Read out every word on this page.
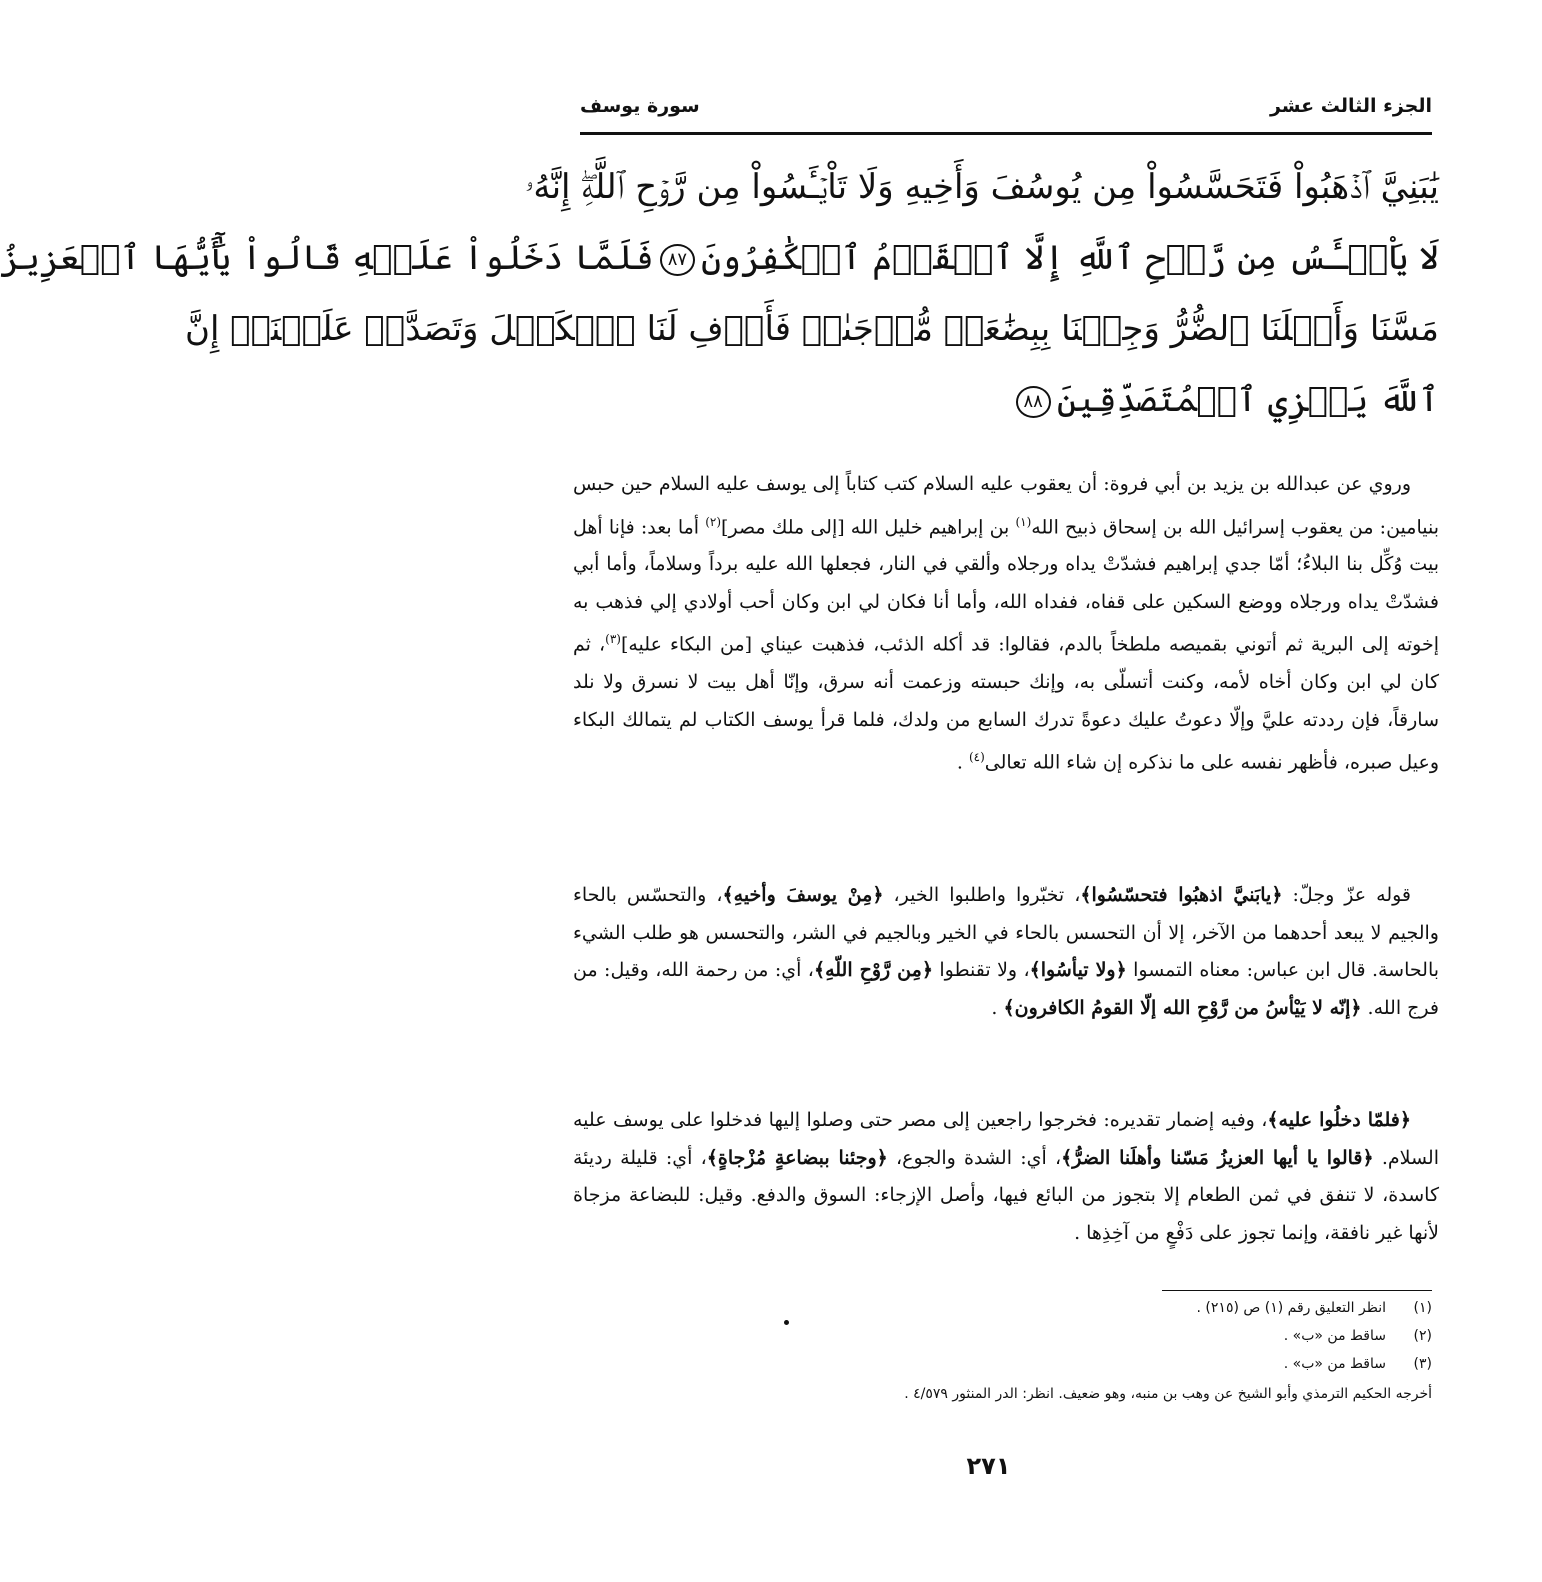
الجزء الثالث عشر
سورة يوسف
يَٰبَنِيَّ ٱذۡهَبُواْ فَتَحَسَّسُواْ مِن يُوسُفَ وَأَخِيهِ وَلَا تَاْيۡـَٔسُواْ مِن رَّوۡحِ ٱللَّهِۖ إِنَّهُۥ
لَا يَاْيۡـَٔسُ مِن رَّوۡحِ ٱللَّهِ إِلَّا ٱلۡقَوۡمُ ٱلۡكَٰفِرُونَ٨٧فَلَمَّا دَخَلُواْ عَلَيۡهِ قَالُواْ يَٰٓأَيُّهَا ٱلۡعَزِيزُ
مَسَّنَا وَأَهۡلَنَا ٱلضُّرُّ وَجِئۡنَا بِبِضَٰعَةٖ مُّزۡجَىٰةٖ فَأَوۡفِ لَنَا ٱلۡكَيۡلَ وَتَصَدَّقۡ عَلَيۡنَآۖ إِنَّ
ٱللَّهَ يَجۡزِي ٱلۡمُتَصَدِّقِينَ٨٨

وروي عن عبدالله بن يزيد بن أبي فروة: أن يعقوب عليه السلام كتب كتاباً إلى يوسف عليه السلام حين حبس بنيامين: من يعقوب إسرائيل الله بن إسحاق ذبيح الله$^{(١)}$ بن إبراهيم خليل الله [إلى ملك مصر]$^{(٢)}$ أما بعد: فإنا أهل بيت وُكِّل بنا البلاءُ؛ أمّا جدي إبراهيم فشدّتْ يداه ورجلاه وألقي في النار، فجعلها الله عليه برداً وسلاماً، وأما أبي فشدّتْ يداه ورجلاه ووضع السكين على قفاه، ففداه الله، وأما أنا فكان لي ابن وكان أحب أولادي إلي فذهب به إخوته إلى البرية ثم أتوني بقميصه ملطخاً بالدم، فقالوا: قد أكله الذئب، فذهبت عيناي [من البكاء عليه]$^{(٣)}$، ثم كان لي ابن وكان أخاه لأمه، وكنت أتسلّى به، وإنك حبسته وزعمت أنه سرق، وإنّا أهل بيت لا نسرق ولا نلد سارقاً، فإن رددته عليَّ وإلّا دعوتُ عليك دعوةً تدرك السابع من ولدك، فلما قرأ يوسف الكتاب لم يتمالك البكاء وعيل صبره، فأظهر نفسه على ما نذكره إن شاء الله تعالى$^{(٤)}$ .

قوله عزّ وجلّ: ﴿يابَنيَّ اذهبُوا فتحسّسُوا﴾، تخبّروا واطلبوا الخير، ﴿مِنْ يوسفَ وأخيهِ﴾، والتحسّس بالحاء والجيم لا يبعد أحدهما من الآخر، إلا أن التحسس بالحاء في الخير وبالجيم في الشر، والتحسس هو طلب الشيء بالحاسة. قال ابن عباس: معناه التمسوا ﴿ولا تيأسُوا﴾، ولا تقنطوا ﴿مِن رَّوْحِ اللّهِ﴾، أي: من رحمة الله، وقيل: من فرج الله. ﴿إنّه لا يَيْأسُ من رَّوْحِ الله إلّا القومُ الكافرون﴾ .

﴿فلمّا دخلُوا عليه﴾، وفيه إضمار تقديره: فخرجوا راجعين إلى مصر حتى وصلوا إليها فدخلوا على يوسف عليه السلام. ﴿قالوا يا أيها العزيزُ مَسّنا وأهلَنا الضرُّ﴾، أي: الشدة والجوع، ﴿وجئنا ببضاعةٍ مُزْجاةٍ﴾، أي: قليلة رديئة كاسدة، لا تنفق في ثمن الطعام إلا بتجوز من البائع فيها، وأصل الإزجاء: السوق والدفع. وقيل: للبضاعة مزجاة لأنها غير نافقة، وإنما تجوز على دَفْعٍ من آخِذِها .

(١)
انظر التعليق رقم (١) ص (٢١٥) .
(٢)
ساقط من «ب» .
(٣)
ساقط من «ب» .
أخرجه الحكيم الترمذي وأبو الشيخ عن وهب بن منبه، وهو ضعيف. انظر: الدر المنثور ٤/٥٧٩ .
٢٧١
